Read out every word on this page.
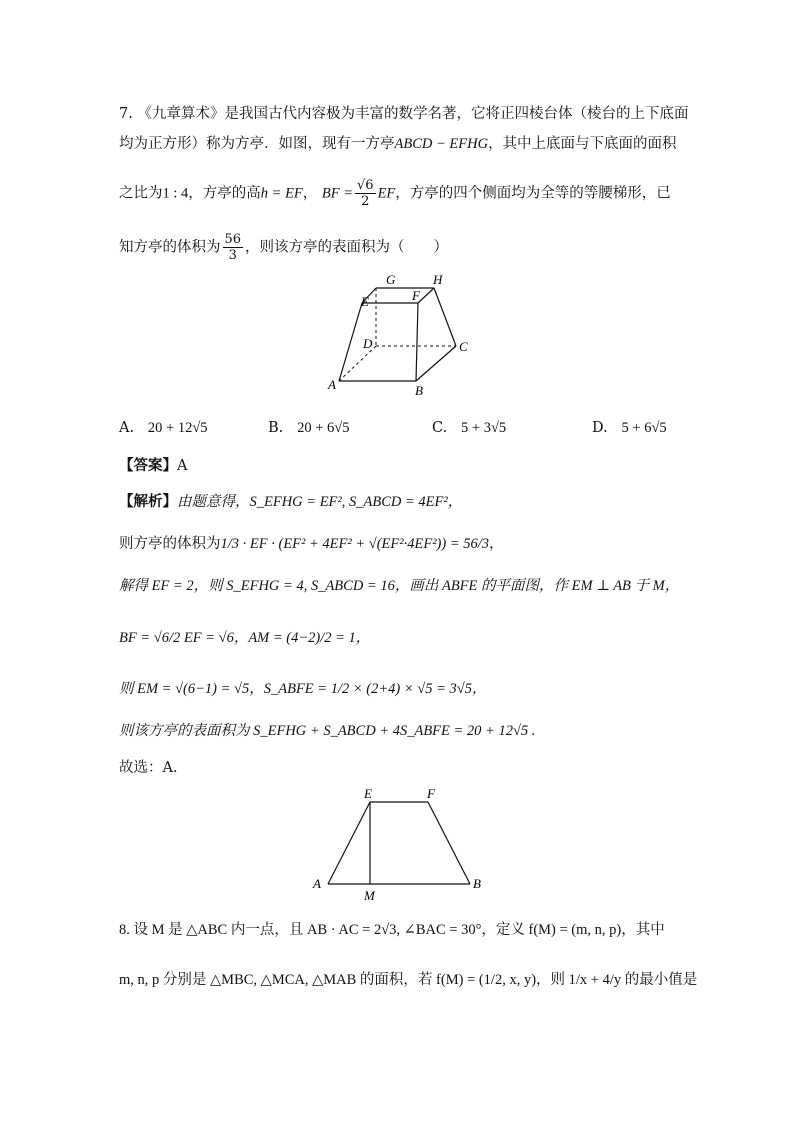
7. 《九章算术》是我国古代内容极为丰富的数学名著，它将正四棱台体（棱台的上下底面
均为正方形）称为方亭．如图，现有一方亭ABCD − EFHG，其中上底面与下底面的面积
之比为1 : 4，方亭的高h = EF， BF = $\frac{√6}{2}$ EF，方亭的四个侧面均为全等的等腰梯形，已
知方亭的体积为 $\frac{56}{3}$ ，则该方亭的表面积为（　　）
G	H
E	F
D	C
A	B
A. 20 + 12√5	B. 20 + 6√5	C. 5 + 3√5	D. 5 + 6√5
【答案】A
【解析】由题意得，S_EFHG = EF², S_ABCD = 4EF²，
则方亭的体积为1/3 · EF · (EF² + 4EF² + √(EF²·4EF²)) = 56/3，
解得 EF = 2，则 S_EFHG = 4, S_ABCD = 16，画出 ABFE 的平面图，作 EM ⊥ AB 于 M，
BF = √6/2 EF = √6，AM = (4−2)/2 = 1，
则 EM = √(6−1) = √5，S_ABFE = 1/2 × (2+4) × √5 = 3√5，
则该方亭的表面积为 S_EFHG + S_ABCD + 4S_ABFE = 20 + 12√5 .
故选：A.
E	F
A
M
B
8. 设 M 是 △ABC 内一点，且 AB · AC = 2√3, ∠BAC = 30°，定义 f(M) = (m, n, p)，其中
m, n, p 分别是 △MBC, △MCA, △MAB 的面积，若 f(M) = (1/2, x, y)，则 1/x + 4/y 的最小值是
